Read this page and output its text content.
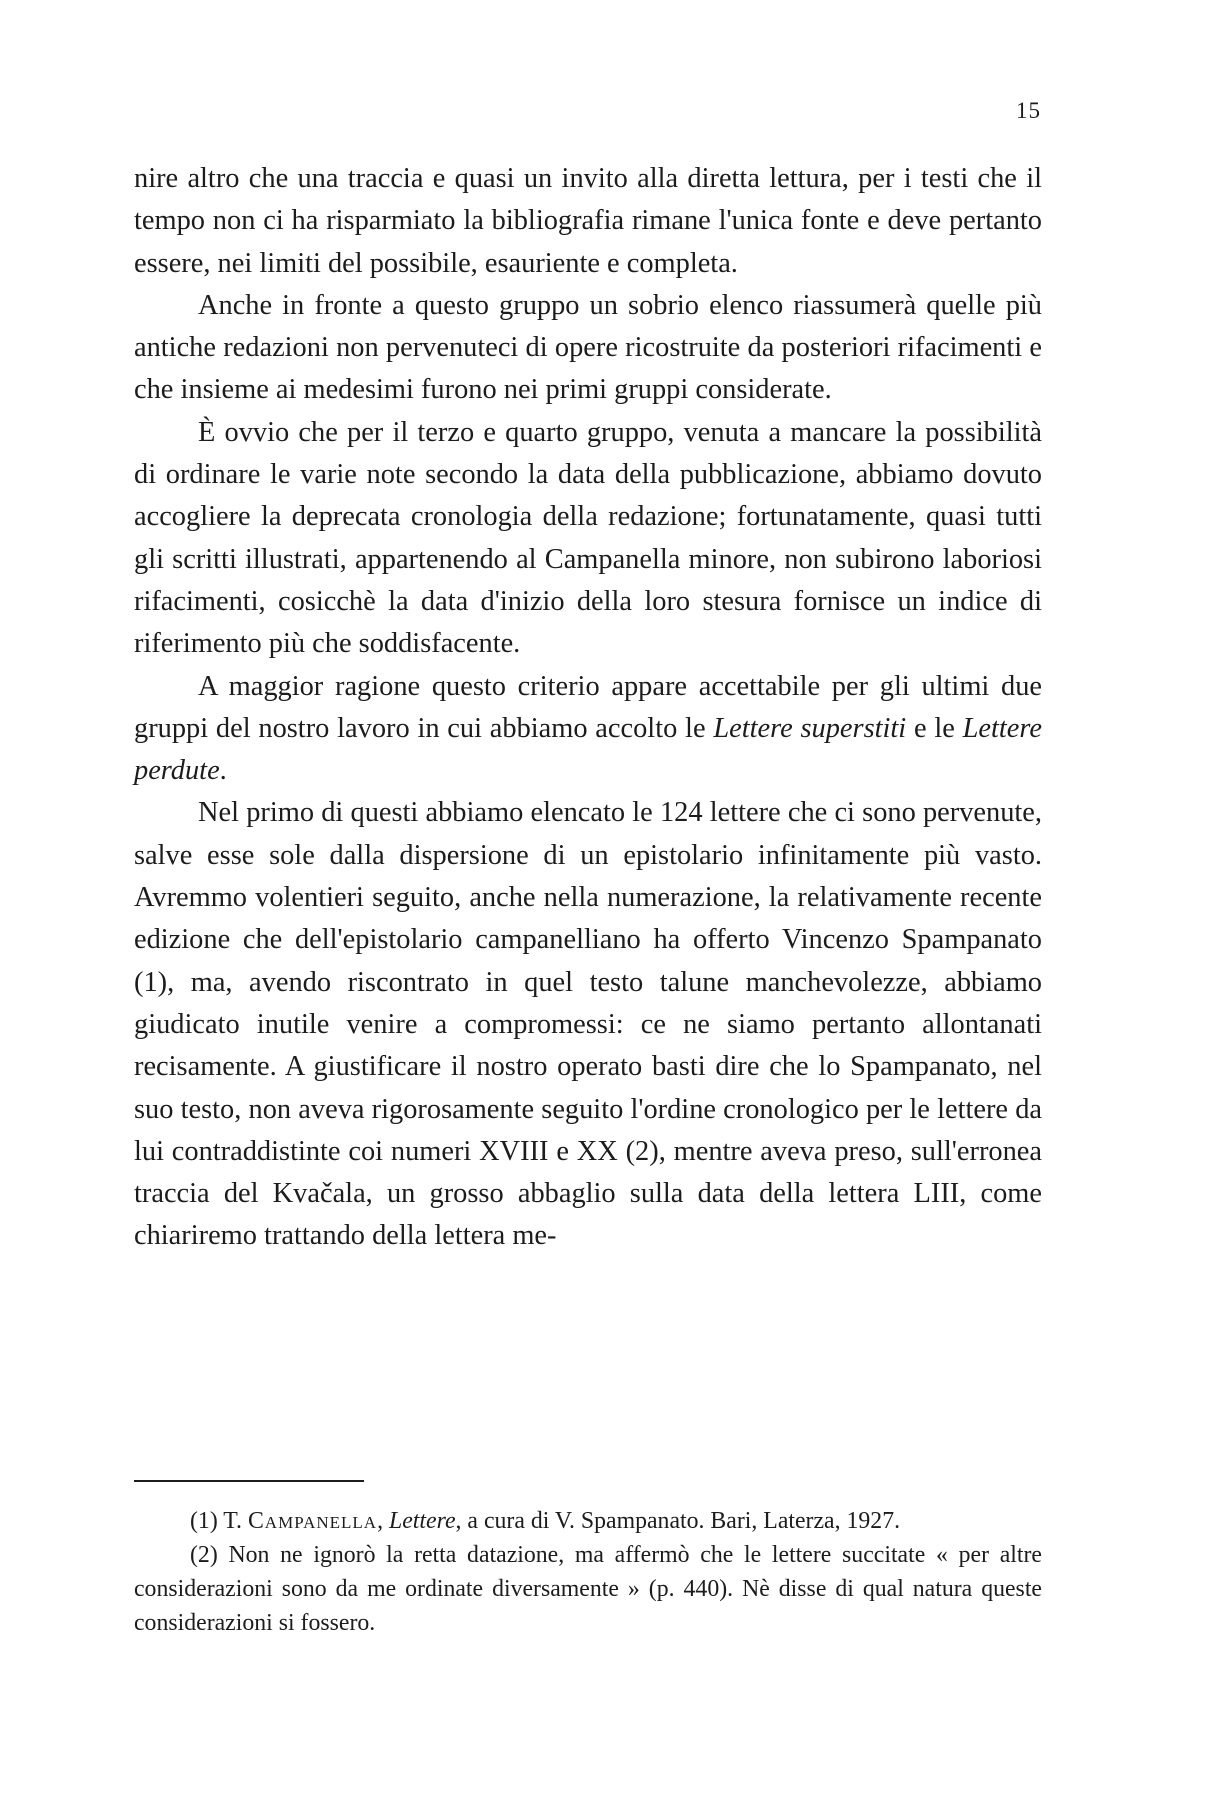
15

nire altro che una traccia e quasi un invito alla diretta lettura, per i testi che il tempo non ci ha risparmiato la bibliografia rimane l'unica fonte e deve pertanto essere, nei limiti del possibile, esauriente e completa.

Anche in fronte a questo gruppo un sobrio elenco riassumerà quelle più antiche redazioni non pervenuteci di opere ricostruite da posteriori rifacimenti e che insieme ai medesimi furono nei primi gruppi considerate.

È ovvio che per il terzo e quarto gruppo, venuta a mancare la possibilità di ordinare le varie note secondo la data della pubblicazione, abbiamo dovuto accogliere la deprecata cronologia della redazione; fortunatamente, quasi tutti gli scritti illustrati, appartenendo al Campanella minore, non subirono laboriosi rifacimenti, cosicchè la data d'inizio della loro stesura fornisce un indice di riferimento più che soddisfacente.

A maggior ragione questo criterio appare accettabile per gli ultimi due gruppi del nostro lavoro in cui abbiamo accolto le Lettere superstiti e le Lettere perdute.

Nel primo di questi abbiamo elencato le 124 lettere che ci sono pervenute, salve esse sole dalla dispersione di un epistolario infinitamente più vasto. Avremmo volentieri seguito, anche nella numerazione, la relativamente recente edizione che dell'epistolario campanelliano ha offerto Vincenzo Spampanato (1), ma, avendo riscontrato in quel testo talune manchevolezze, abbiamo giudicato inutile venire a compromessi: ce ne siamo pertanto allontanati recisamente. A giustificare il nostro operato basti dire che lo Spampanato, nel suo testo, non aveva rigorosamente seguito l'ordine cronologico per le lettere da lui contraddistinte coi numeri XVIII e XX (2), mentre aveva preso, sull'erronea traccia del Kvačala, un grosso abbaglio sulla data della lettera LIII, come chiariremo trattando della lettera me-

(1) T. Campanella, Lettere, a cura di V. Spampanato. Bari, Laterza, 1927.

(2) Non ne ignorò la retta datazione, ma affermò che le lettere succitate « per altre considerazioni sono da me ordinate diversamente » (p. 440). Nè disse di qual natura queste considerazioni si fossero.
